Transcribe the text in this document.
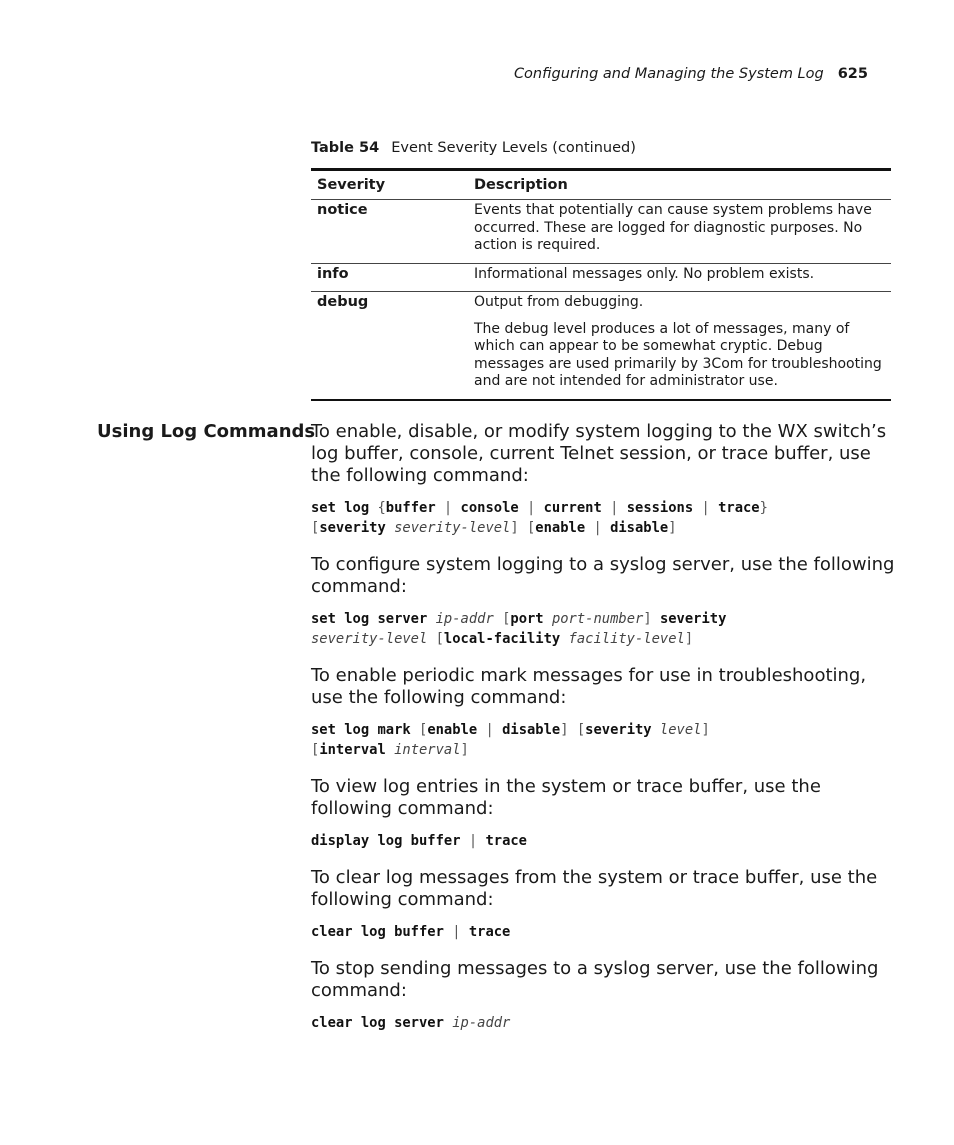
Configuring and Managing the System Log 625
Table 54 Event Severity Levels (continued)
Severity	Description
notice	Events that potentially can cause system problems have occurred. These are logged for diagnostic purposes. No action is required.

info	Informational messages only. No problem exists.

debug	Output from debugging.

The debug level produces a lot of messages, many of which can appear to be somewhat cryptic. Debug messages are used primarily by 3Com for troubleshooting and are not intended for administrator use.

Using Log Commands

To enable, disable, or modify system logging to the WX switch’s log buffer, console, current Telnet session, or trace buffer, use the following command:

set log {buffer | console | current | sessions | trace}
[severity severity-level] [enable | disable]

To configure system logging to a syslog server, use the following command:

set log server ip-addr [port port-number] severity
severity-level [local-facility facility-level]

To enable periodic mark messages for use in troubleshooting, use the following command:

set log mark [enable | disable] [severity level]
[interval interval]

To view log entries in the system or trace buffer, use the following command:

display log buffer | trace

To clear log messages from the system or trace buffer, use the following command:

clear log buffer | trace

To stop sending messages to a syslog server, use the following command:

clear log server ip-addr
